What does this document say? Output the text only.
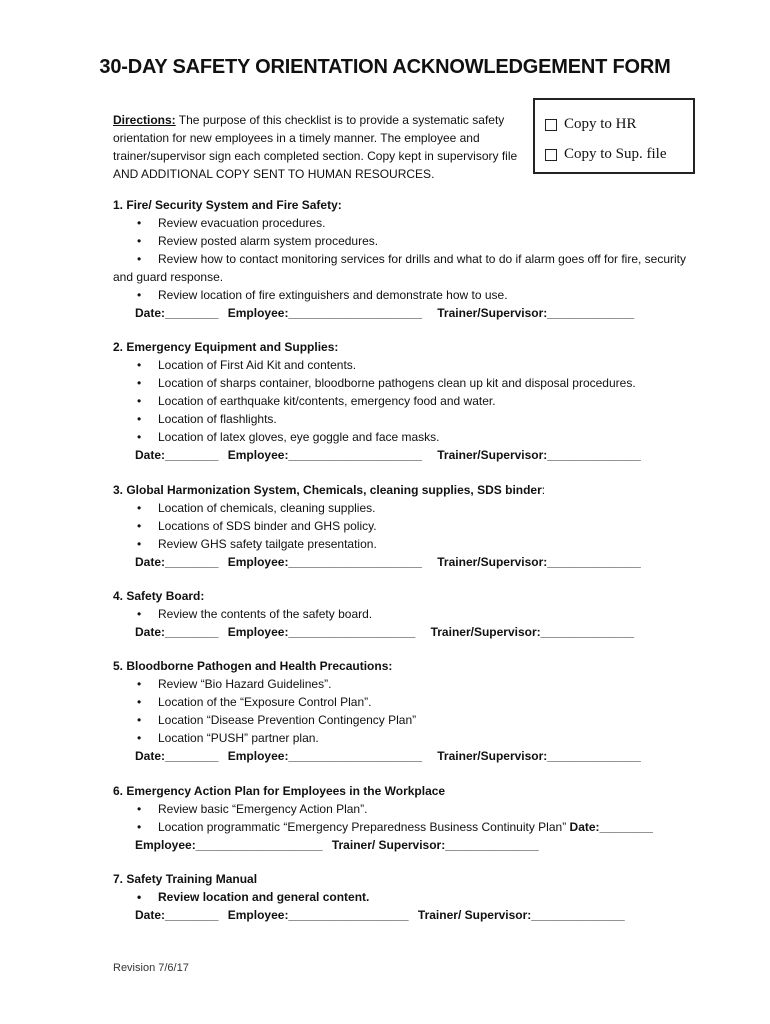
30-DAY SAFETY ORIENTATION ACKNOWLEDGEMENT FORM
Directions: The purpose of this checklist is to provide a systematic safety orientation for new employees in a timely manner. The employee and trainer/supervisor sign each completed section. Copy kept in supervisory file AND ADDITIONAL COPY SENT TO HUMAN RESOURCES.
Copy to HR
Copy to Sup. file
1. Fire/ Security System and Fire Safety:
• Review evacuation procedures.
• Review posted alarm system procedures.
• Review how to contact monitoring services for drills and what to do if alarm goes off for fire, security and guard response.
• Review location of fire extinguishers and demonstrate how to use.
Date:________ Employee:____________________ Trainer/Supervisor:_____________
2. Emergency Equipment and Supplies:
• Location of First Aid Kit and contents.
• Location of sharps container, bloodborne pathogens clean up kit and disposal procedures.
• Location of earthquake kit/contents, emergency food and water.
• Location of flashlights.
• Location of latex gloves, eye goggle and face masks.
Date:________ Employee:____________________ Trainer/Supervisor:______________
3. Global Harmonization System, Chemicals, cleaning supplies, SDS binder:
• Location of chemicals, cleaning supplies.
• Locations of SDS binder and GHS policy.
• Review GHS safety tailgate presentation.
Date:________ Employee:____________________ Trainer/Supervisor:______________
4. Safety Board:
• Review the contents of the safety board.
Date:________ Employee:___________________ Trainer/Supervisor:______________
5. Bloodborne Pathogen and Health Precautions:
• Review “Bio Hazard Guidelines”.
• Location of the “Exposure Control Plan”.
• Location “Disease Prevention Contingency Plan”
• Location “PUSH” partner plan.
Date:________ Employee:____________________ Trainer/Supervisor:______________
6. Emergency Action Plan for Employees in the Workplace
• Review basic “Emergency Action Plan”.
• Location programmatic “Emergency Preparedness Business Continuity Plan” Date:________
Employee:___________________ Trainer/ Supervisor:______________
7. Safety Training Manual
• Review location and general content.
Date:________ Employee:__________________ Trainer/ Supervisor:______________
Revision 7/6/17
